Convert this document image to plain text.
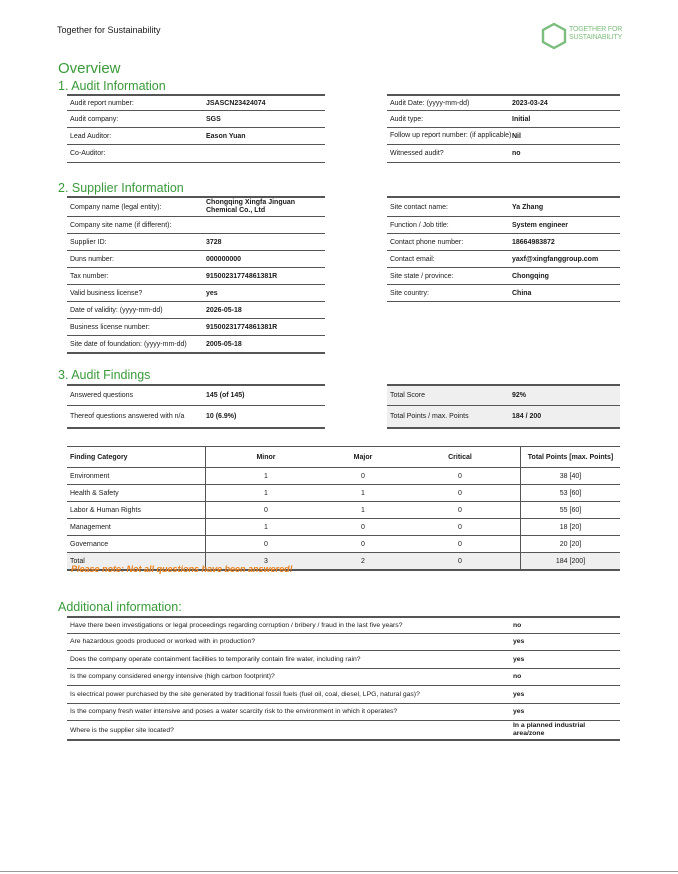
Together for Sustainability	TOGETHER FOR SUSTAINABILITY
Overview
1. Audit Information
Audit report number:	JSASCN23424074
Audit company:	SGS
Lead Auditor:	Eason Yuan
Co-Auditor:
Audit Date: (yyyy-mm-dd)	2023-03-24
Audit type:	Initial
Follow up report number: (if applicable) Nil
Witnessed audit?	no
2. Supplier Information
Company name (legal entity):
Chongqing Xingfa Jinguan Chemical Co., Ltd
Company site name (if different):
Supplier ID:	3728
Duns number:	000000000
Tax number:	91500231774861381R
Valid business license?	yes
Date of validity: (yyyy-mm-dd)	2026-05-18
Business license number:	91500231774861381R
Site date of foundation: (yyyy-mm-dd)	2005-05-18
Site contact name:	Ya Zhang
Function / Job title:	System engineer
Contact phone number:	18664983872
Contact email:	yaxf@xingfanggroup.com
Site state / province:	Chongqing
Site country:	China
3. Audit Findings
Answered questions	145 (of 145)
Thereof questions answered with n/a	10 (6.9%)
Total Score	92%
Total Points / max. Points	184 / 200
Finding Category	Minor	Major	Critical	Total Points [max. Points]
Environment	1	0	0	38 [40]
Health & Safety	1	1	0	53 [60]
Labor & Human Rights	0	1	0	55 [60]
Management	1	0	0	18 [20]
Governance	0	0	0	20 [20]
Total	3	2	0	184 [200]
Please note: Not all questions have been answered!
Additional information:
Have there been investigations or legal proceedings regarding corruption / bribery / fraud in the last five years?	no
Are hazardous goods produced or worked with in production?	yes
Does the company operate containment facilities to temporarily contain fire water, including rain?	yes
Is the company considered energy intensive (high carbon footprint)?	no
Is electrical power purchased by the site generated by traditional fossil fuels (fuel oil, coal, diesel, LPG, natural gas)?	yes
Is the company fresh water intensive and poses a water scarcity risk to the environment in which it operates?	yes
Where is the supplier site located?
In a planned industrial area/zone
